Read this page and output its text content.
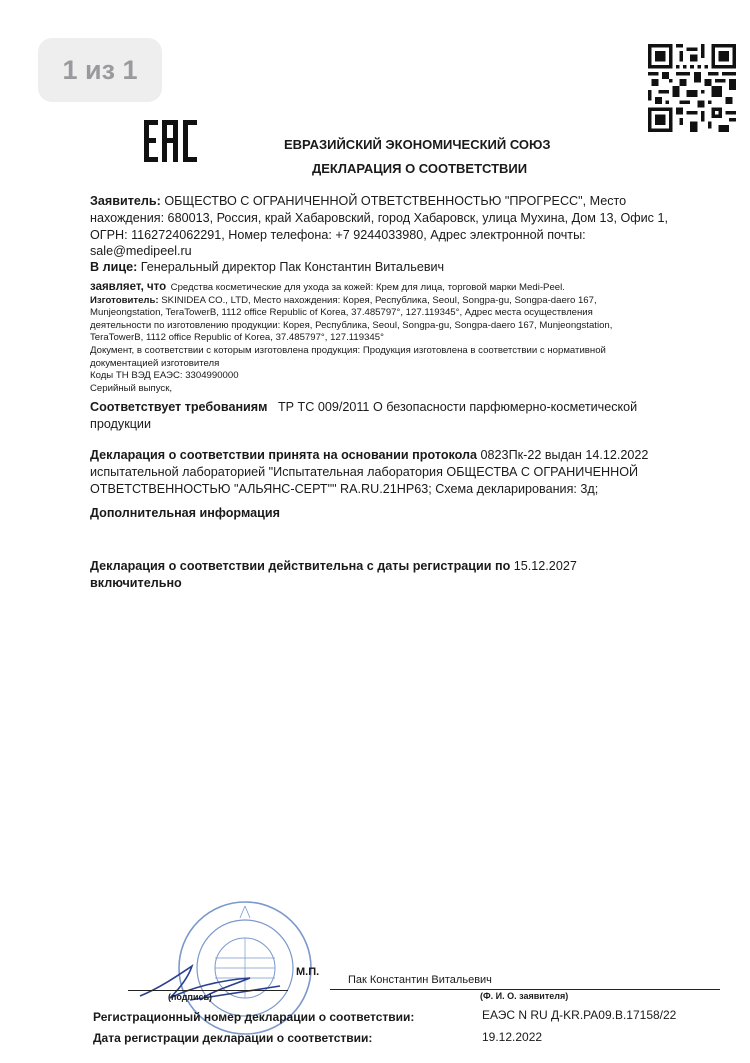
1 из 1
ЕВРАЗИЙСКИЙ ЭКОНОМИЧЕСКИЙ СОЮЗ
ДЕКЛАРАЦИЯ О СООТВЕТСТВИИ
Заявитель: ОБЩЕСТВО С ОГРАНИЧЕННОЙ ОТВЕТСТВЕННОСТЬЮ "ПРОГРЕСС", Место
нахождения: 680013, Россия, край Хабаровский, город Хабаровск, улица Мухина, Дом 13, Офис 1,
ОГРН: 1162724062291, Номер телефона: +7 9244033980, Адрес электронной почты:
sale@medipeel.ru
В лице: Генеральный директор Пак Константин Витальевич
заявляет, что Средства косметические для ухода за кожей: Крем для лица, торговой марки Medi-Peel.
Изготовитель: SKINIDEA CO., LTD, Место нахождения: Корея, Республика, Seoul, Songpa-gu, Songpa-daero 167,
Munjeongstation, TeraTowerB, 1112 office Republic of Korea, 37.485797°, 127.119345°, Адрес места осуществления
деятельности по изготовлению продукции: Корея, Республика, Seoul, Songpa-gu, Songpa-daero 167, Munjeongstation,
TeraTowerB, 1112 office Republic of Korea, 37.485797°, 127.119345°
Документ, в соответствии с которым изготовлена продукция: Продукция изготовлена в соответствии с нормативной
документацией изготовителя
Коды ТН ВЭД ЕАЭС: 3304990000
Серийный выпуск,
Соответствует требованиям ТР ТС 009/2011 О безопасности парфюмерно-косметической
продукции
Декларация о соответствии принята на основании протокола 0823Пк-22 выдан 14.12.2022
испытательной лабораторией "Испытательная лаборатория ОБЩЕСТВА С ОГРАНИЧЕННОЙ
ОТВЕТСТВЕННОСТЬЮ "АЛЬЯНС-СЕРТ"" RA.RU.21НР63; Схема декларирования: 3д;
Дополнительная информация
Декларация о соответствии действительна с даты регистрации по 15.12.2027
включительно
(подпись)
М.П.
Пак Константин Витальевич
(Ф. И. О. заявителя)
Регистрационный номер декларации о соответствии:	ЕАЭС N RU Д-KR.PA09.B.17158/22
Дата регистрации декларации о соответствии:	19.12.2022
